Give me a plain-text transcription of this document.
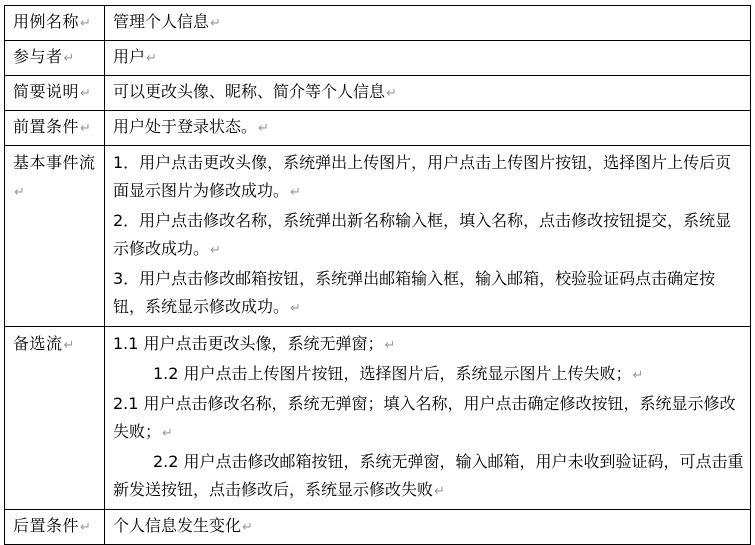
用例名称↵	管理个人信息↵
参与者↵	用户↵
简要说明↵	可以更改头像、昵称、简介等个人信息↵
前置条件↵	用户处于登录状态。↵
基本事件流↵	1．用户点击更改头像，系统弹出上传图片，用户点击上传图片按钮，选择图片上传后页面显示图片为修改成功。↵
2．用户点击修改名称，系统弹出新名称输入框，填入名称，点击修改按钮提交，系统显示修改成功。↵
3．用户点击修改邮箱按钮，系统弹出邮箱输入框，输入邮箱，校验验证码点击确定按钮，系统显示修改成功。↵

备选流↵	1.1 用户点击更改头像，系统无弹窗；↵
1.2 用户点击上传图片按钮，选择图片后，系统显示图片上传失败；↵
2.1 用户点击修改名称，系统无弹窗；填入名称，用户点击确定修改按钮，系统显示修改失败；↵
2.2 用户点击修改邮箱按钮，系统无弹窗，输入邮箱，用户未收到验证码，可点击重新发送按钮，点击修改后，系统显示修改失败↵

后置条件↵	个人信息发生变化↵
